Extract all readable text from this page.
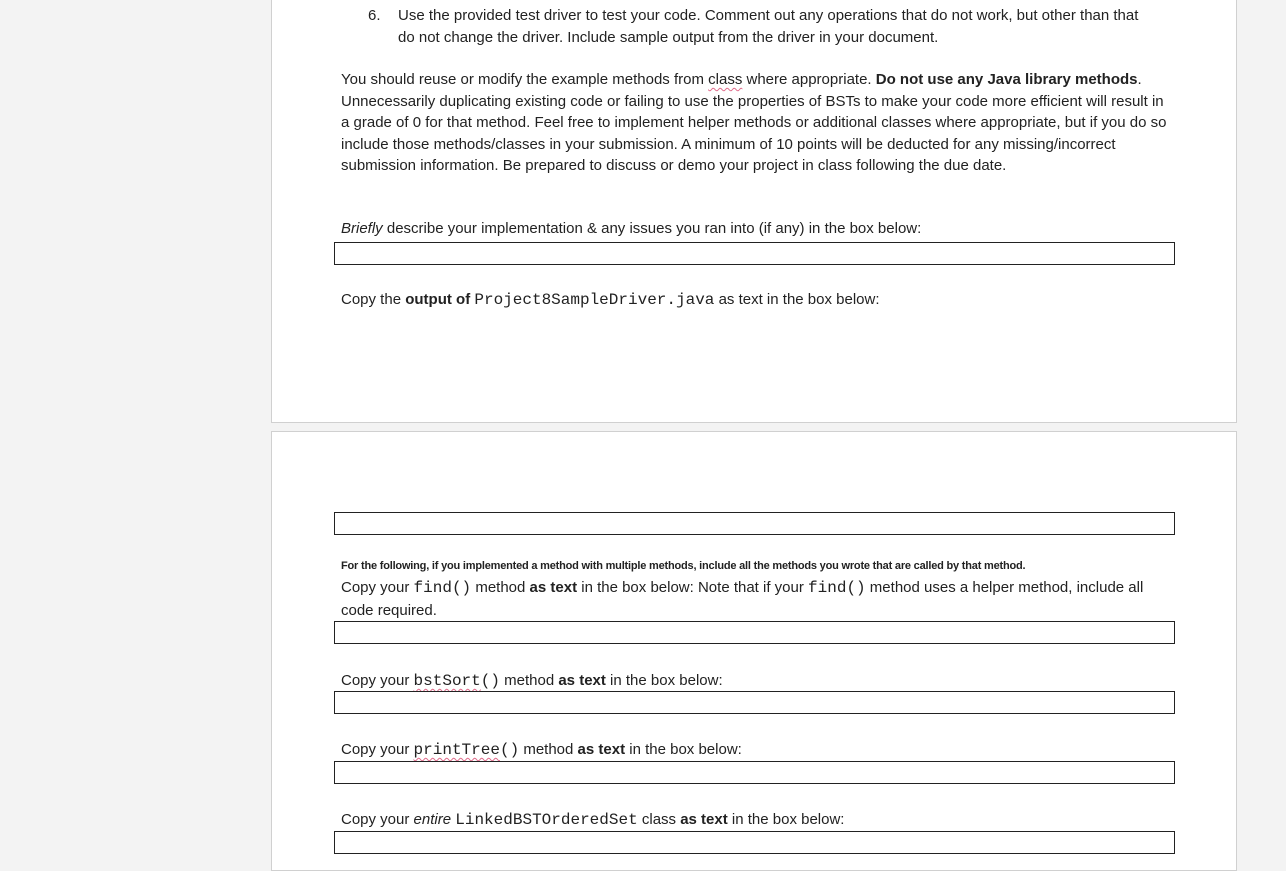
6. Use the provided test driver to test your code. Comment out any operations that do not work, but other than that do not change the driver. Include sample output from the driver in your document.
You should reuse or modify the example methods from class where appropriate. Do not use any Java library methods. Unnecessarily duplicating existing code or failing to use the properties of BSTs to make your code more efficient will result in a grade of 0 for that method. Feel free to implement helper methods or additional classes where appropriate, but if you do so include those methods/classes in your submission. A minimum of 10 points will be deducted for any missing/incorrect submission information. Be prepared to discuss or demo your project in class following the due date.
Briefly describe your implementation & any issues you ran into (if any) in the box below:
Copy the output of Project8SampleDriver.java as text in the box below:
For the following, if you implemented a method with multiple methods, include all the methods you wrote that are called by that method.
Copy your find() method as text in the box below: Note that if your find() method uses a helper method, include all code required.
Copy your bstSort() method as text in the box below:
Copy your printTree() method as text in the box below:
Copy your entire LinkedBSTOrderedSet class as text in the box below:
